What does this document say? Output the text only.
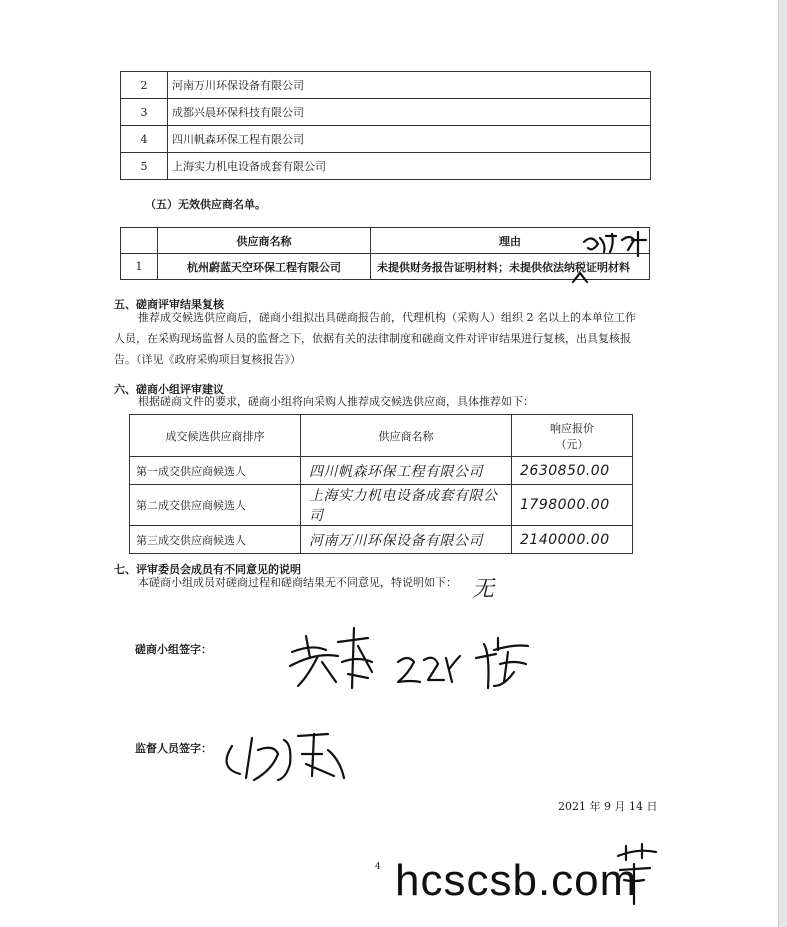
2	河南万川环保设备有限公司
3	成都兴晨环保科技有限公司
4	四川帆森环保工程有限公司
5	上海实力机电设备成套有限公司
（五）无效供应商名单。
	供应商名称	理由
1	杭州蔚蓝天空环保工程有限公司	未提供财务报告证明材料；未提供依法纳税证明材料
五、磋商评审结果复核
推荐成交候选供应商后，磋商小组拟出具磋商报告前，代理机构（采购人）组织 2 名以上的本单位工作人员，在采购现场监督人员的监督之下，依据有关的法律制度和磋商文件对评审结果进行复核，出具复核报告。（详见《政府采购项目复核报告》）
六、磋商小组评审建议
根据磋商文件的要求，磋商小组将向采购人推荐成交候选供应商，具体推荐如下：
成交候选供应商排序	供应商名称	响应报价
（元）

第一成交供应商候选人	四川帆森环保工程有限公司	2630850.00
第二成交供应商候选人	上海实力机电设备成套有限公司	1798000.00
第三成交供应商候选人	河南万川环保设备有限公司	2140000.00
七、评审委员会成员有不同意见的说明
本磋商小组成员对磋商过程和磋商结果无不同意见，特说明如下： 无
磋商小组签字：
监督人员签字：
2021 年 9 月 14 日
4 hcscsb.com
